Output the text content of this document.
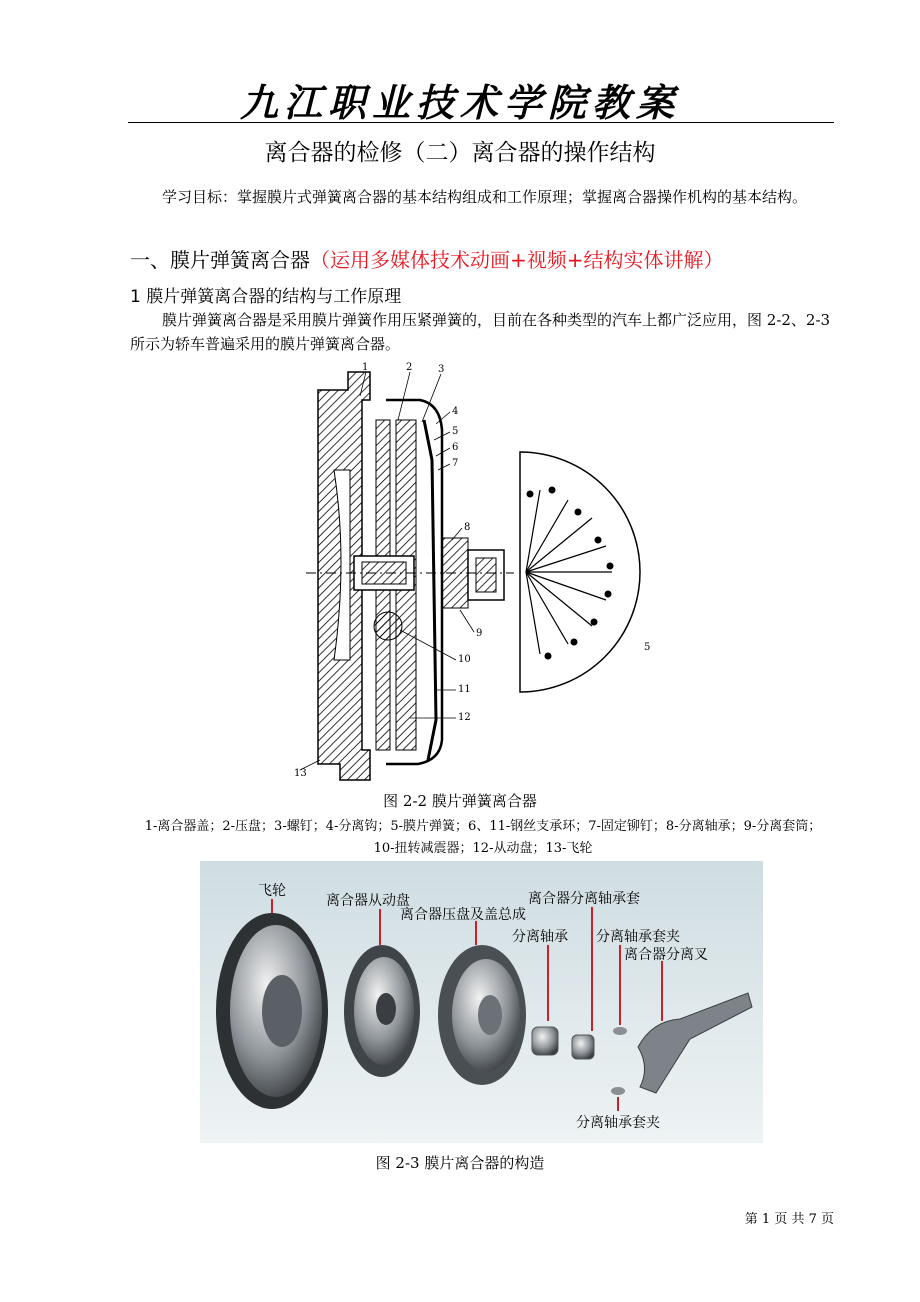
九江职业技术学院教案
离合器的检修（二）离合器的操作结构
学习目标：掌握膜片式弹簧离合器的基本结构组成和工作原理；掌握离合器操作机构的基本结构。
一、膜片弹簧离合器（运用多媒体技术动画+视频+结构实体讲解）
1 膜片弹簧离合器的结构与工作原理
膜片弹簧离合器是采用膜片弹簧作用压紧弹簧的，目前在各种类型的汽车上都广泛应用，图 2-2、2-3 所示为轿车普遍采用的膜片弹簧离合器。
1	2	3
4
5
6
7
8
9
10
11
12
13
5
图 2-2 膜片弹簧离合器
1-离合器盖；2-压盘；3-螺钉；4-分离钩；5-膜片弹簧；6、11-钢丝支承环；7-固定铆钉；8-分离轴承；9-分离套筒；
10-扭转减震器；12-从动盘；13-飞轮
飞轮
离合器从动盘
离合器压盘及盖总成
离合器分离轴承套
分离轴承 分离轴承套夹
离合器分离叉
分离轴承套夹
图 2-3 膜片离合器的构造
第 1 页 共 7 页
